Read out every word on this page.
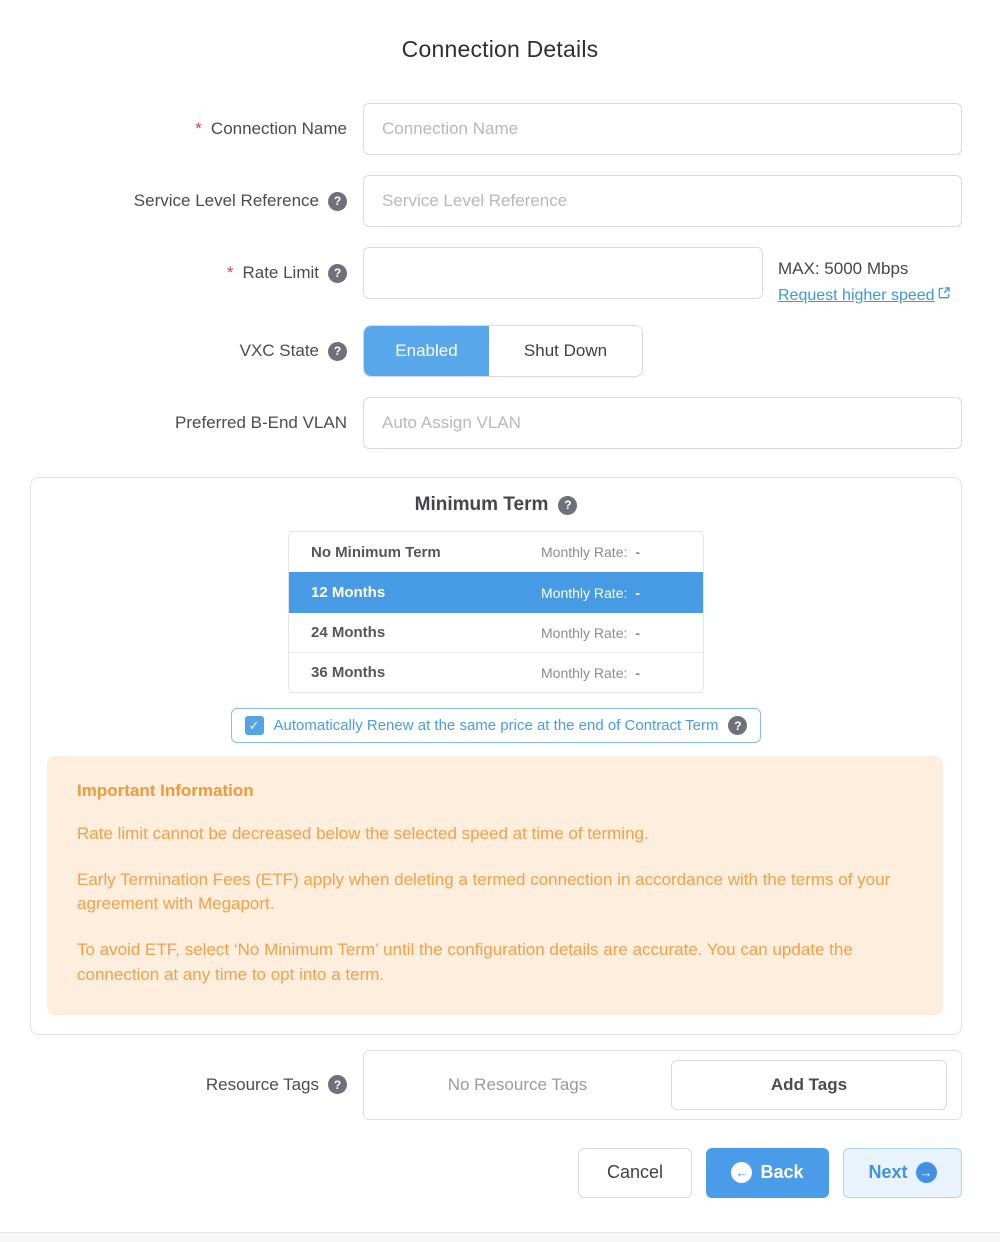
Connection Details
* Connection Name
Connection Name
Service Level Reference	?
Service Level Reference
* Rate Limit	?	MAX: 5000 Mbps
Request higher speed
VXC State	?	Enabled	Shut Down
Preferred B-End VLAN
Auto Assign VLAN
Minimum Term	?
No Minimum Term	Monthly Rate: -
12 Months	Monthly Rate: -
24 Months	Monthly Rate: -
36 Months	Monthly Rate: -
✓ Automatically Renew at the same price at the end of Contract Term	?

Important Information

Rate limit cannot be decreased below the selected speed at time of terming.

Early Termination Fees (ETF) apply when deleting a termed connection in accordance with the terms of your agreement with Megaport.

To avoid ETF, select ‘No Minimum Term’ until the configuration details are accurate. You can update the connection at any time to opt into a term.

Resource Tags	?	No Resource Tags	Add Tags
Cancel	← Back	Next →
